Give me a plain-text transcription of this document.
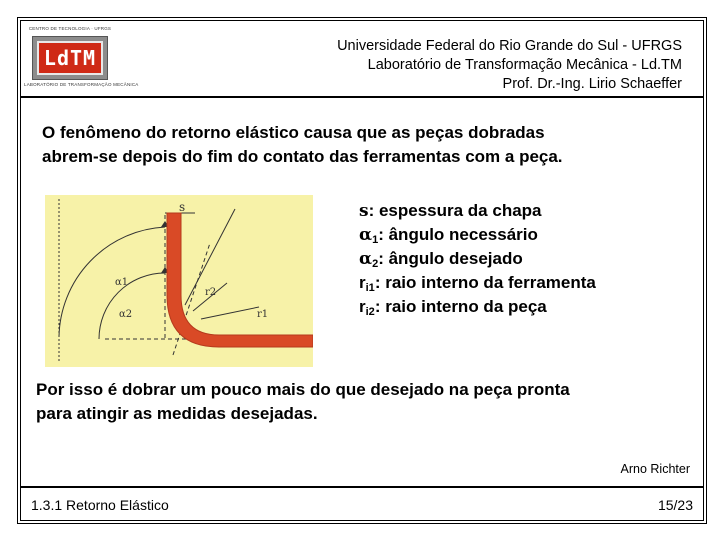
CENTRO DE TECNOLOGIA · UFRGS
LdTM
LABORATÓRIO DE TRANSFORMAÇÃO MECÂNICA
Universidade Federal do Rio Grande do Sul - UFRGS
Laboratório de Transformação Mecânica - Ld.TM
Prof. Dr.-Ing. Lirio Schaeffer
O fenômeno do retorno elástico causa que as peças dobradas
abrem-se depois do fim do contato das ferramentas com a peça.
s
α1
α2
r2
r1
s: espessura da chapa
$\alpha_1$: ângulo necessário
$\alpha_2$: ângulo desejado
$r_{i1}$: raio interno da ferramenta
$r_{i2}$: raio interno da peça
Por isso é dobrar um pouco mais do que desejado na peça pronta
para atingir as medidas desejadas.
Arno Richter
1.3.1 Retorno Elástico	15/23
